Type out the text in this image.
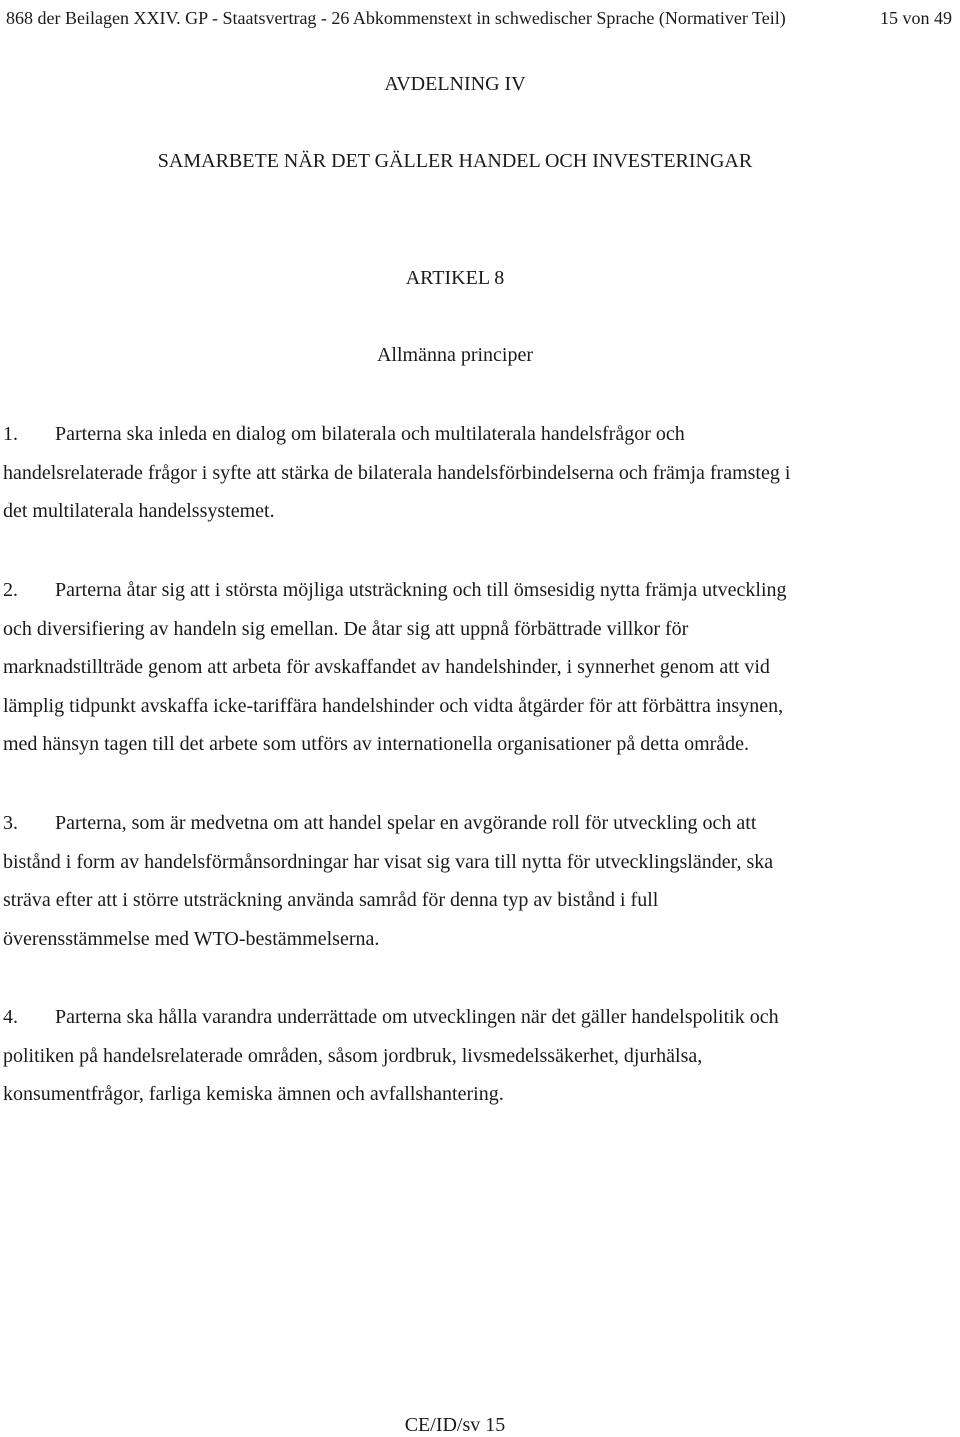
868 der Beilagen XXIV. GP - Staatsvertrag - 26 Abkommenstext in schwedischer Sprache (Normativer Teil)	15 von 49
AVDELNING IV
SAMARBETE NÄR DET GÄLLER HANDEL OCH INVESTERINGAR
ARTIKEL 8
Allmänna principer

1. Parterna ska inleda en dialog om bilaterala och multilaterala handelsfrågor och
handelsrelaterade frågor i syfte att stärka de bilaterala handelsförbindelserna och främja framsteg i
det multilaterala handelssystemet.

2. Parterna åtar sig att i största möjliga utsträckning och till ömsesidig nytta främja utveckling
och diversifiering av handeln sig emellan. De åtar sig att uppnå förbättrade villkor för
marknadstillträde genom att arbeta för avskaffandet av handelshinder, i synnerhet genom att vid
lämplig tidpunkt avskaffa icke-tariffära handelshinder och vidta åtgärder för att förbättra insynen,
med hänsyn tagen till det arbete som utförs av internationella organisationer på detta område.

3. Parterna, som är medvetna om att handel spelar en avgörande roll för utveckling och att
bistånd i form av handelsförmånsordningar har visat sig vara till nytta för utvecklingsländer, ska
sträva efter att i större utsträckning använda samråd för denna typ av bistånd i full
överensstämmelse med WTO-bestämmelserna.

4. Parterna ska hålla varandra underrättade om utvecklingen när det gäller handelspolitik och
politiken på handelsrelaterade områden, såsom jordbruk, livsmedelssäkerhet, djurhälsa,
konsumentfrågor, farliga kemiska ämnen och avfallshantering.

CE/ID/sv 15
